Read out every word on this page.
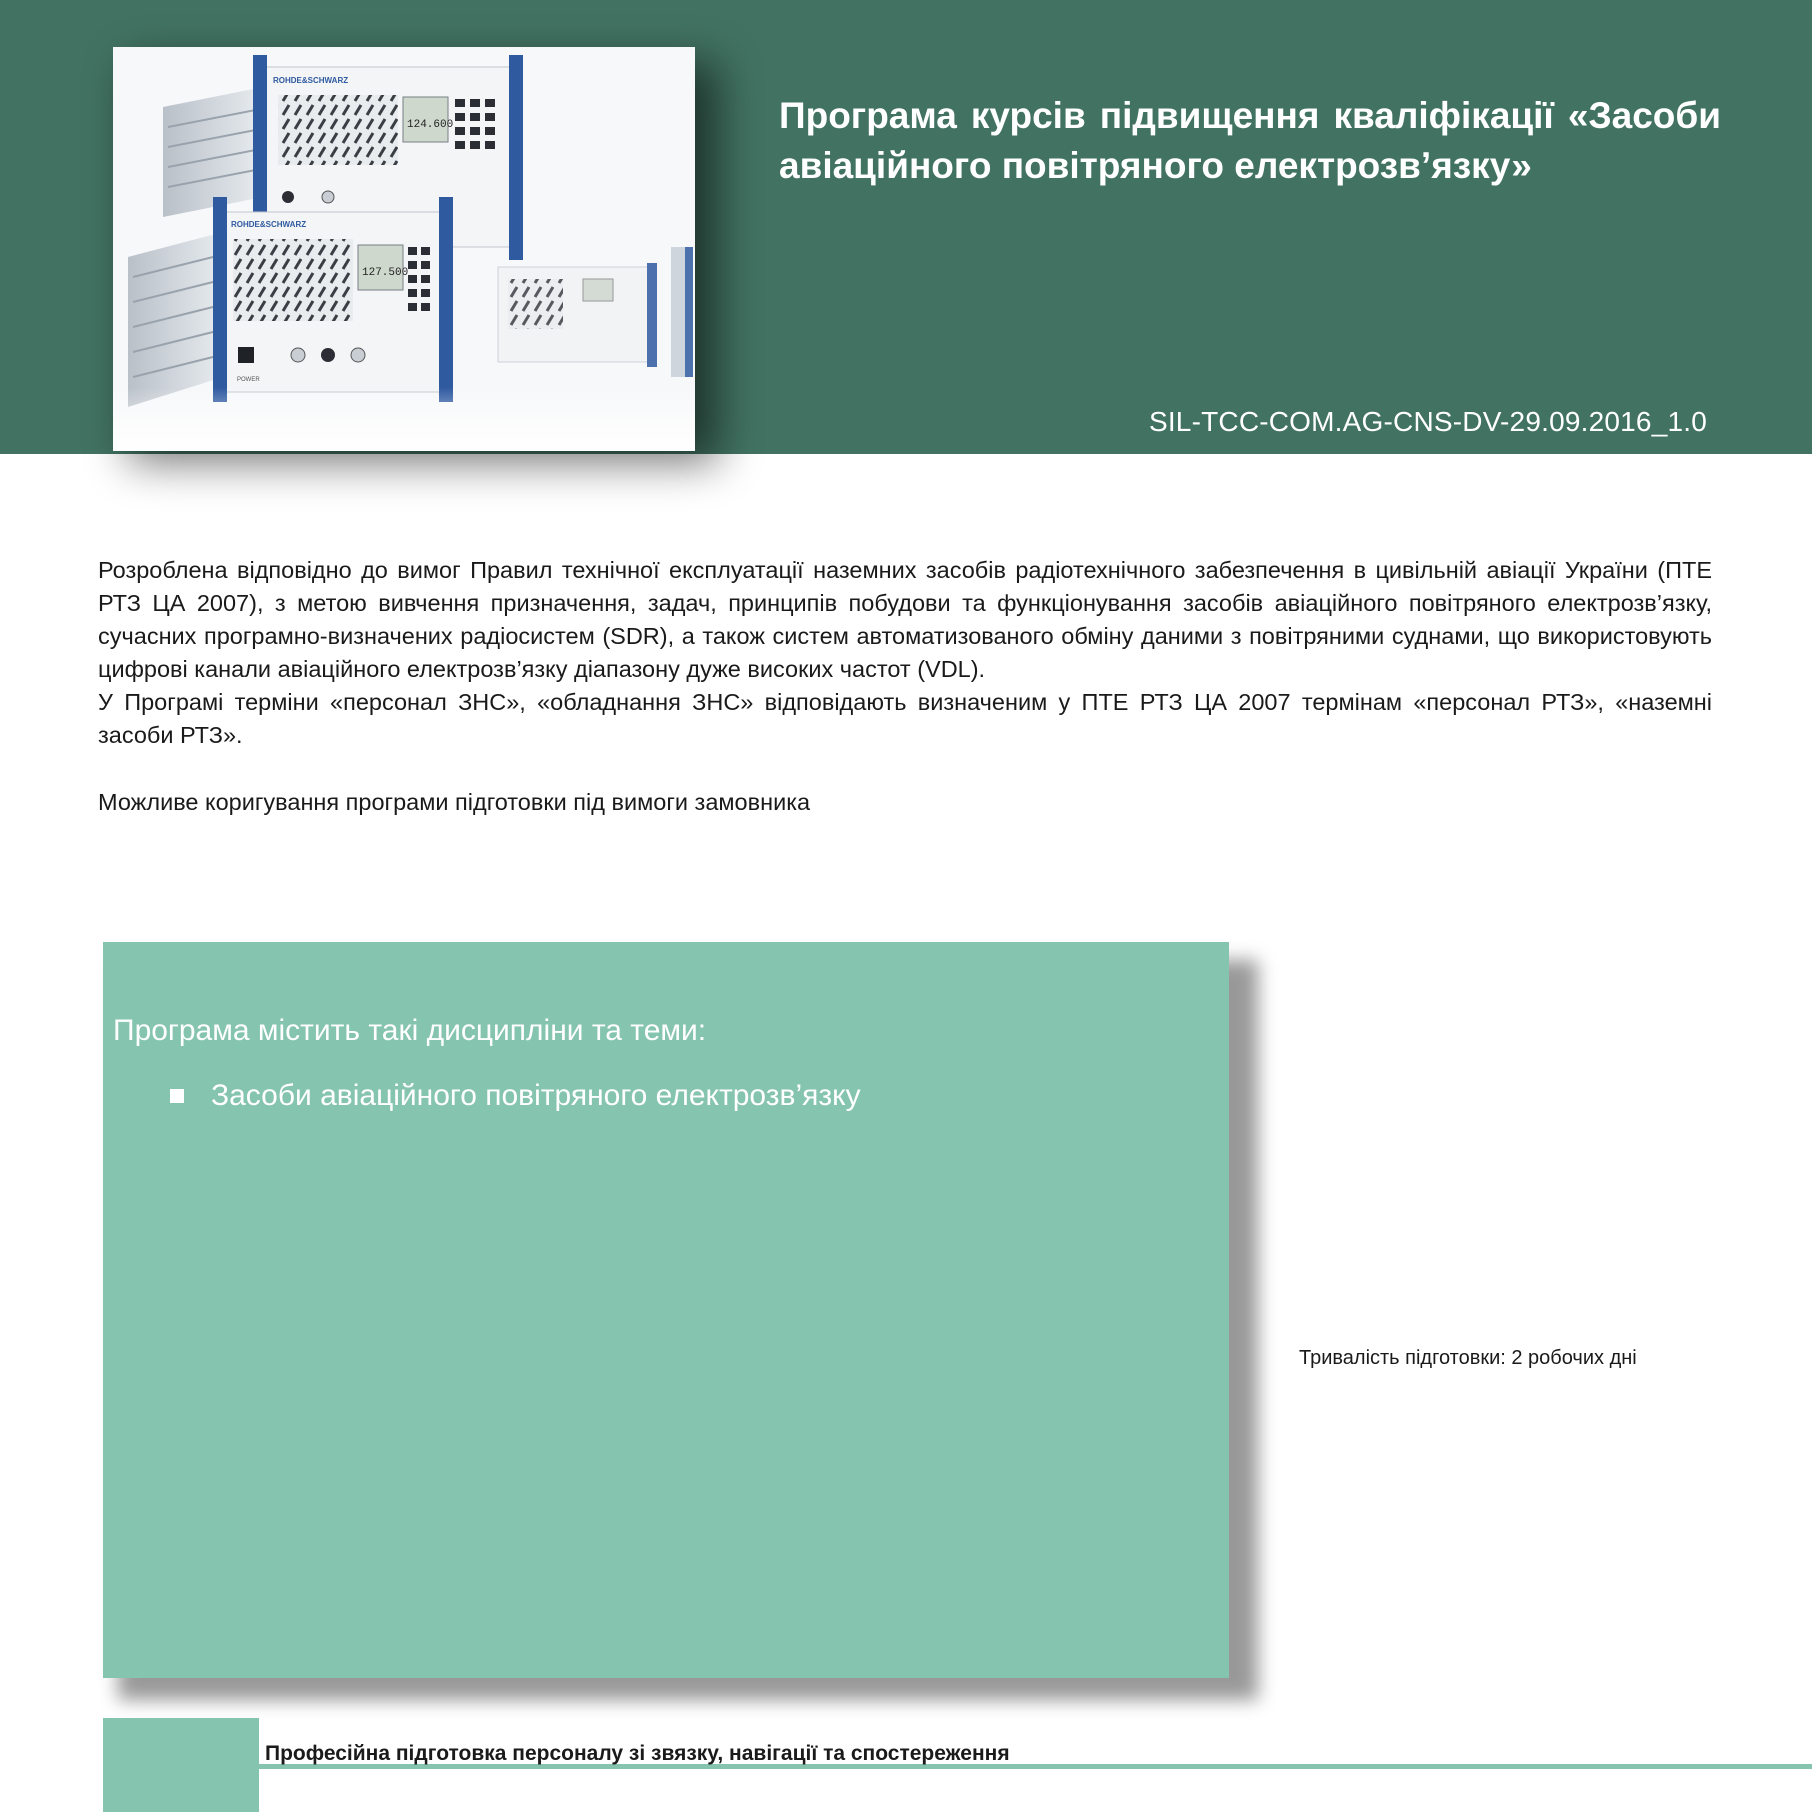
ROHDE&SCHWARZ
124.600
ROHDE&SCHWARZ
127.500
POWER
Програма курсів підвищення кваліфікації «Засоби авіаційного повітряного електрозв’язку»
SIL-TCC-COM.AG-CNS-DV-29.09.2016_1.0

Розроблена відповідно до вимог Правил технічної експлуатації наземних засобів радіотехнічного забезпечення в цивільній авіації України (ПТЕ РТЗ ЦА 2007), з метою вивчення призначення, задач, принципів побудови та функціонування засобів авіаційного повітряного електрозв’язку, сучасних програмно-визначених радіосистем (SDR), а також систем автоматизованого обміну даними з повітряними суднами, що використовують цифрові канали авіаційного електрозв’язку діапазону дуже високих частот (VDL).

У Програмі терміни «персонал ЗНС», «обладнання ЗНС» відповідають визначеним у ПТЕ РТЗ ЦА 2007 термінам «персонал РТЗ», «наземні засоби РТЗ».

Можливе коригування програми підготовки під вимоги замовника

Програма містить такі дисципліни та теми:
Засоби авіаційного повітряного електрозв’язку
Тривалість підготовки: 2 робочих дні
Професійна підготовка персоналу зі звязку, навігації та спостереження
